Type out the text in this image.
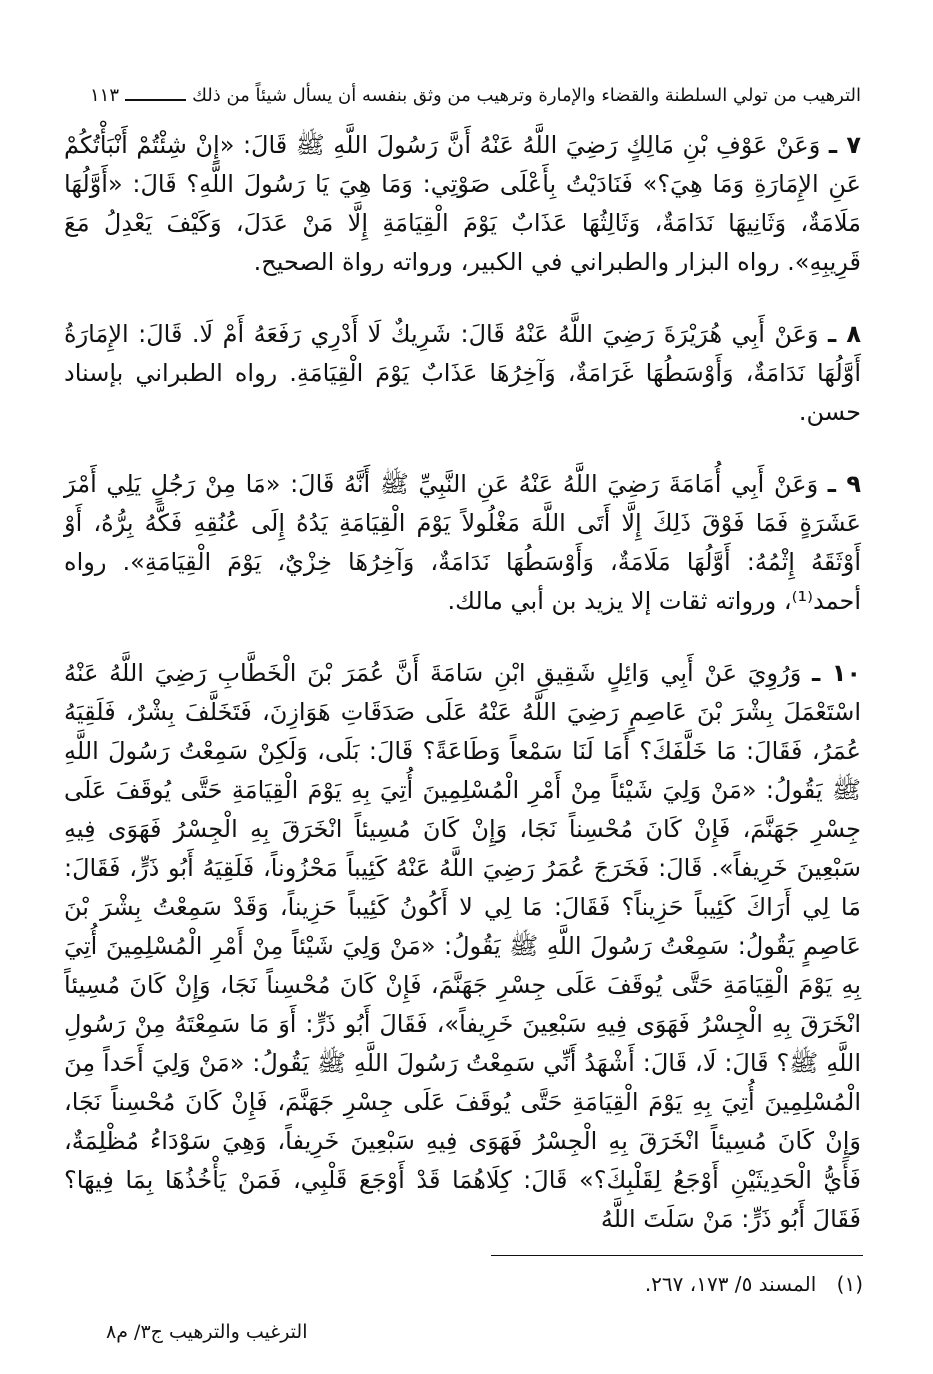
الترهيب من تولي السلطنة والقضاء والإمارة وترهيب من وثق بنفسه أن يسأل شيئاً من ذلك
١١٣

٧ ـ وَعَنْ عَوْفِ بْنِ مَالِكٍ رَضِيَ اللَّهُ عَنْهُ أَنَّ رَسُولَ اللَّهِ ﷺ قَالَ: «إِنْ شِئْتُمْ أَنْبَأْتُكُمْ عَنِ الإِمَارَةِ وَمَا هِيَ؟» فَنَادَيْتُ بِأَعْلَى صَوْتِي: وَمَا هِيَ يَا رَسُولَ اللَّهِ؟ قَالَ: «أَوَّلُهَا مَلَامَةٌ، وَثَانِيهَا نَدَامَةٌ، وَثَالِثُهَا عَذَابٌ يَوْمَ الْقِيَامَةِ إِلَّا مَنْ عَدَلَ، وَكَيْفَ يَعْدِلُ مَعَ قَرِيبِهِ». رواه البزار والطبراني في الكبير، ورواته رواة الصحيح.

٨ ـ وَعَنْ أَبِي هُرَيْرَةَ رَضِيَ اللَّهُ عَنْهُ قَالَ: شَرِيكٌ لَا أَدْرِي رَفَعَهُ أَمْ لَا. قَالَ: الإِمَارَةُ أَوَّلُهَا نَدَامَةٌ، وَأَوْسَطُهَا غَرَامَةٌ، وَآخِرُهَا عَذَابٌ يَوْمَ الْقِيَامَةِ. رواه الطبراني بإسناد حسن.

٩ ـ وَعَنْ أَبِي أُمَامَةَ رَضِيَ اللَّهُ عَنْهُ عَنِ النَّبِيِّ ﷺ أَنَّهُ قَالَ: «مَا مِنْ رَجُلٍ يَلِي أَمْرَ عَشَرَةٍ فَمَا فَوْقَ ذَلِكَ إِلَّا أَتَى اللَّهَ مَغْلُولاً يَوْمَ الْقِيَامَةِ يَدُهُ إِلَى عُنُقِهِ فَكَّهُ بِرُّهُ، أَوْ أَوْثَقَهُ إِثْمُهُ: أَوَّلُهَا مَلَامَةٌ، وَأَوْسَطُهَا نَدَامَةٌ، وَآخِرُهَا خِزْيٌ، يَوْمَ الْقِيَامَةِ». رواه أحمد⁽¹⁾، ورواته ثقات إلا يزيد بن أبي مالك.

١٠ ـ وَرُوِيَ عَنْ أَبِي وَائِلٍ شَقِيقِ ابْنِ سَامَةَ أَنَّ عُمَرَ بْنَ الْخَطَّابِ رَضِيَ اللَّهُ عَنْهُ اسْتَعْمَلَ بِشْرَ بْنَ عَاصِمٍ رَضِيَ اللَّهُ عَنْهُ عَلَى صَدَقَاتِ هَوَازِنَ، فَتَخَلَّفَ بِشْرٌ، فَلَقِيَهُ عُمَرُ، فَقَالَ: مَا خَلَّفَكَ؟ أَمَا لَنَا سَمْعاً وَطَاعَةً؟ قَالَ: بَلَى، وَلَكِنْ سَمِعْتُ رَسُولَ اللَّهِ ﷺ يَقُولُ: «مَنْ وَلِيَ شَيْئاً مِنْ أَمْرِ الْمُسْلِمِينَ أُتِيَ بِهِ يَوْمَ الْقِيَامَةِ حَتَّى يُوقَفَ عَلَى جِسْرِ جَهَنَّمَ، فَإِنْ كَانَ مُحْسِناً نَجَا، وَإِنْ كَانَ مُسِيئاً انْخَرَقَ بِهِ الْجِسْرُ فَهَوَى فِيهِ سَبْعِينَ خَرِيفاً». قَالَ: فَخَرَجَ عُمَرُ رَضِيَ اللَّهُ عَنْهُ كَئِيباً مَحْزُوناً، فَلَقِيَهُ أَبُو ذَرٍّ، فَقَالَ: مَا لِي أَرَاكَ كَئِيباً حَزِيناً؟ فَقَالَ: مَا لِي لا أَكُونُ كَئِيباً حَزِيناً، وَقَدْ سَمِعْتُ بِشْرَ بْنَ عَاصِمٍ يَقُولُ: سَمِعْتُ رَسُولَ اللَّهِ ﷺ يَقُولُ: «مَنْ وَلِيَ شَيْئاً مِنْ أَمْرِ الْمُسْلِمِينَ أُتِيَ بِهِ يَوْمَ الْقِيَامَةِ حَتَّى يُوقَفَ عَلَى جِسْرِ جَهَنَّمَ، فَإِنْ كَانَ مُحْسِناً نَجَا، وَإِنْ كَانَ مُسِيئاً انْخَرَقَ بِهِ الْجِسْرُ فَهَوَى فِيهِ سَبْعِينَ خَرِيفاً»، فَقَالَ أَبُو ذَرٍّ: أَوَ مَا سَمِعْتَهُ مِنْ رَسُولِ اللَّهِ ﷺ؟ قَالَ: لَا، قَالَ: أَشْهَدُ أَنِّي سَمِعْتُ رَسُولَ اللَّهِ ﷺ يَقُولُ: «مَنْ وَلِيَ أَحَداً مِنَ الْمُسْلِمِينَ أُتِيَ بِهِ يَوْمَ الْقِيَامَةِ حَتَّى يُوقَفَ عَلَى جِسْرِ جَهَنَّمَ، فَإِنْ كَانَ مُحْسِناً نَجَا، وَإِنْ كَانَ مُسِيئاً انْخَرَقَ بِهِ الْجِسْرُ فَهَوَى فِيهِ سَبْعِينَ خَرِيفاً، وَهِيَ سَوْدَاءُ مُظْلِمَةٌ، فَأَيُّ الْحَدِيثَيْنِ أَوْجَعُ لِقَلْبِكَ؟» قَالَ: كِلَاهُمَا قَدْ أَوْجَعَ قَلْبِي، فَمَنْ يَأْخُذُهَا بِمَا فِيهَا؟ فَقَالَ أَبُو ذَرٍّ: مَنْ سَلَتَ اللَّهُ

(١) المسند ٥/ ١٧٣، ٢٦٧.
الترغيب والترهيب ج٣/ م٨
